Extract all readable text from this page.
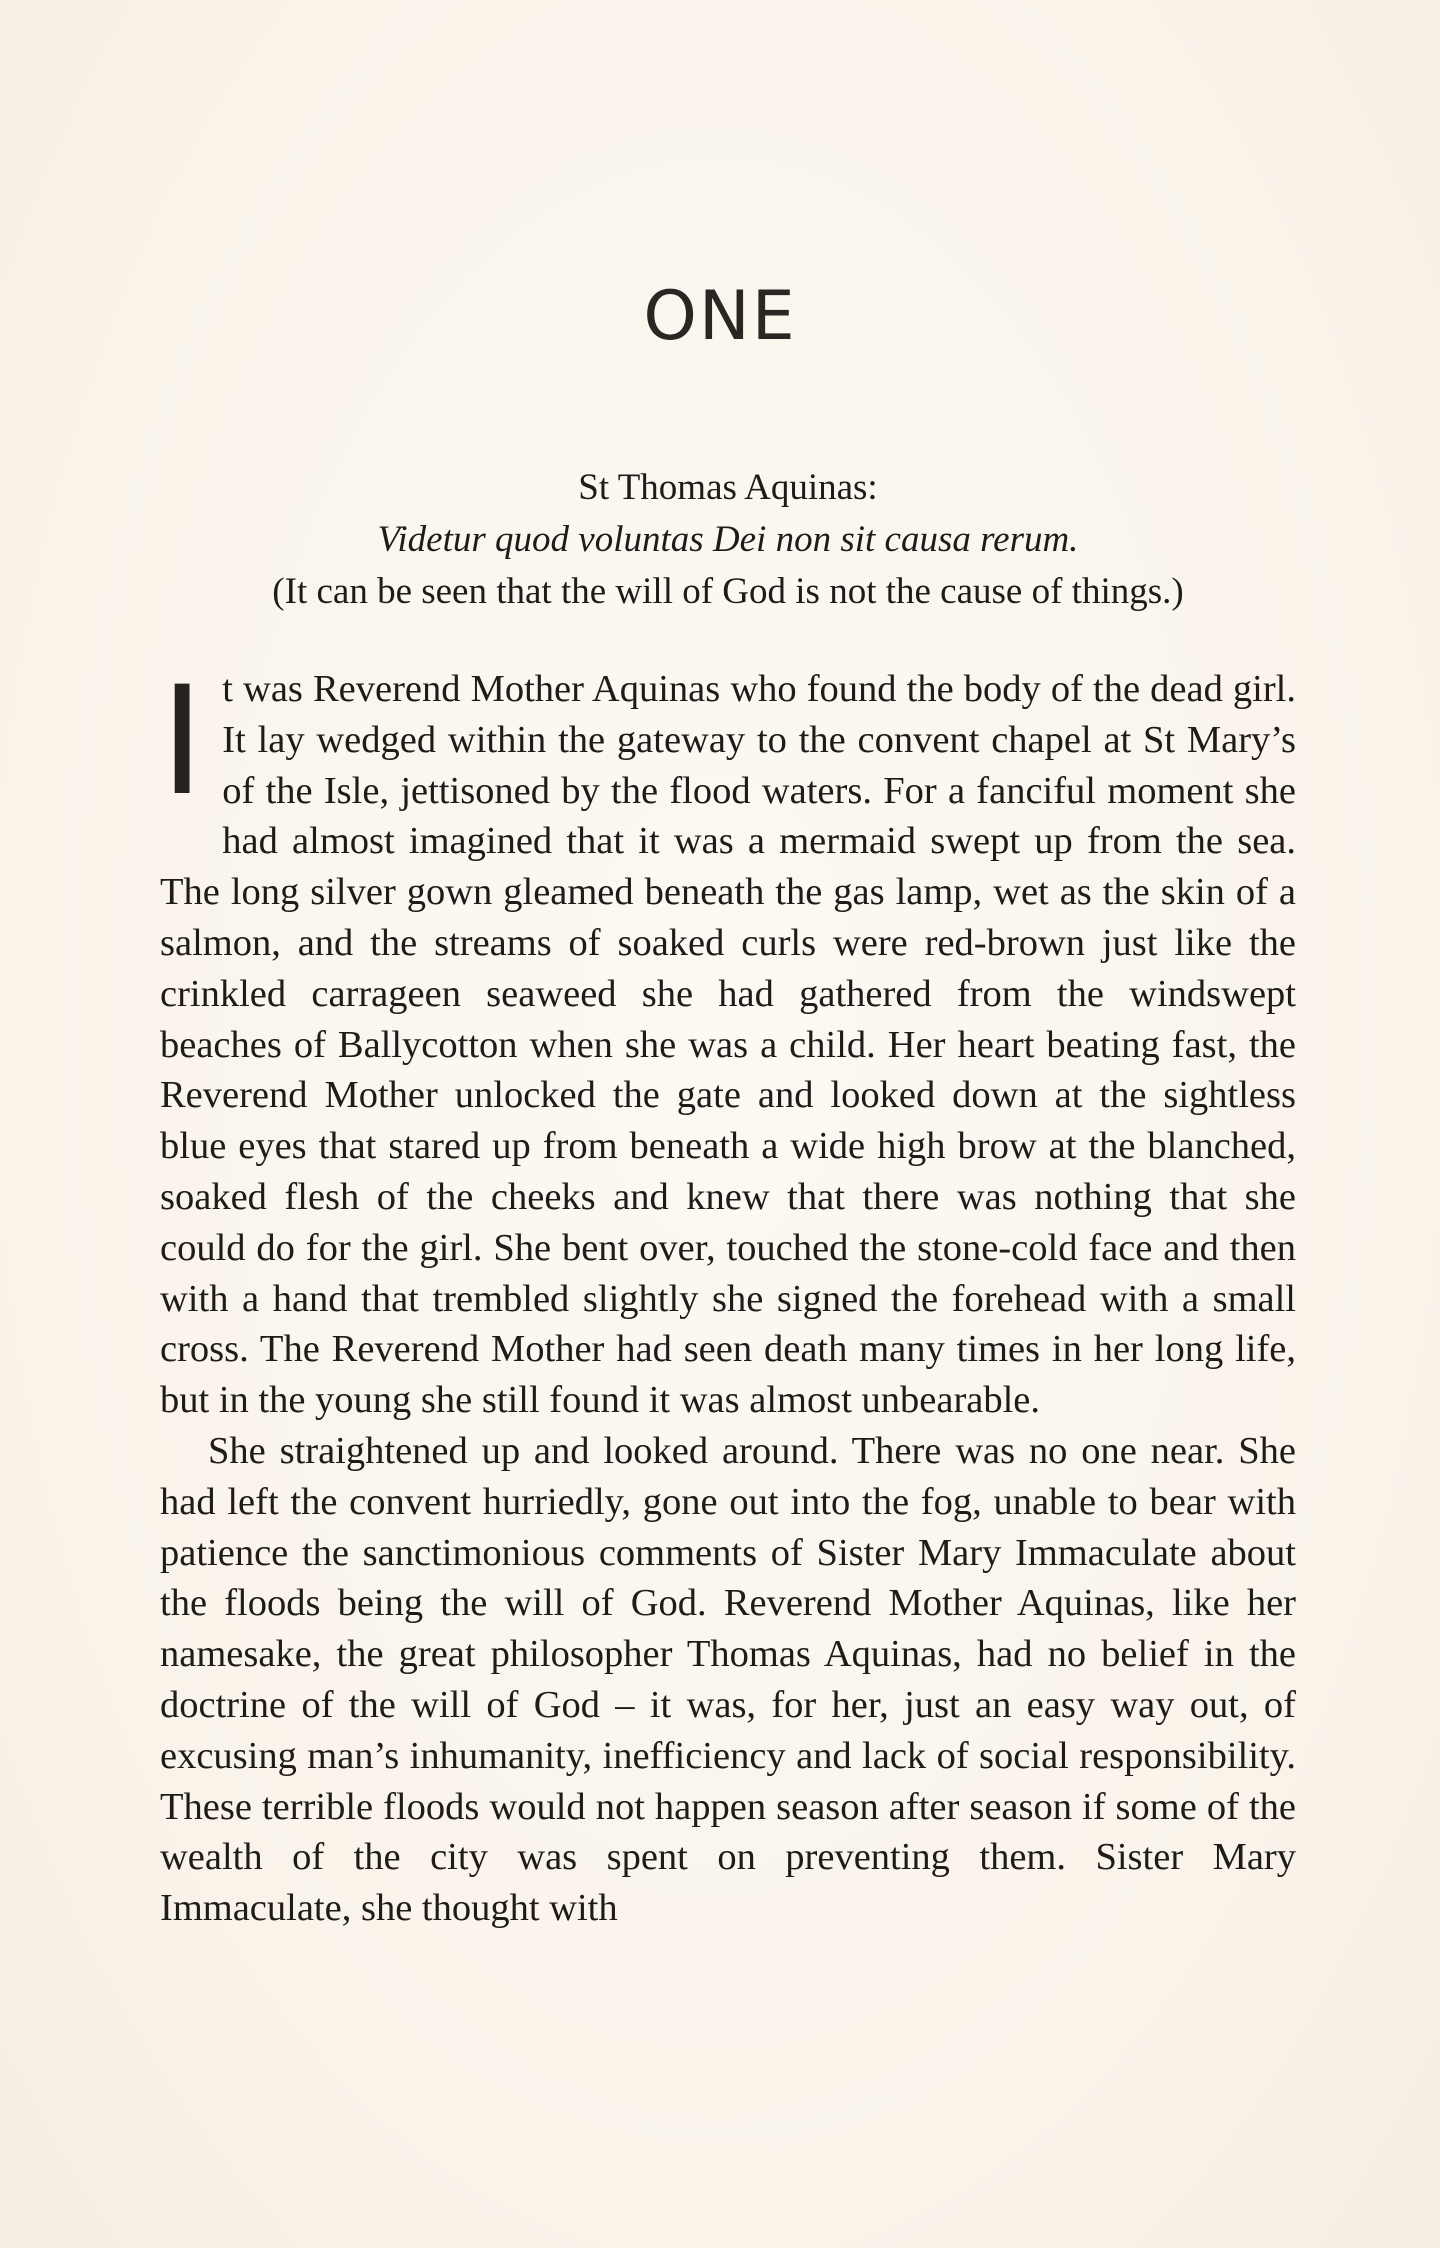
ONE
St Thomas Aquinas:
Videtur quod voluntas Dei non sit causa rerum.
(It can be seen that the will of God is not the cause of things.)

It was Reverend Mother Aquinas who found the body of the dead girl. It lay wedged within the gateway to the convent chapel at St Mary’s of the Isle, jettisoned by the flood waters. For a fanciful moment she had almost imagined that it was a mermaid swept up from the sea. The long silver gown gleamed beneath the gas lamp, wet as the skin of a salmon, and the streams of soaked curls were red-brown just like the crinkled carrageen seaweed she had gathered from the windswept beaches of Ballycotton when she was a child. Her heart beating fast, the Reverend Mother unlocked the gate and looked down at the sightless blue eyes that stared up from beneath a wide high brow at the blanched, soaked flesh of the cheeks and knew that there was nothing that she could do for the girl. She bent over, touched the stone-cold face and then with a hand that trembled slightly she signed the forehead with a small cross. The Reverend Mother had seen death many times in her long life, but in the young she still found it was almost unbearable.

She straightened up and looked around. There was no one near. She had left the convent hurriedly, gone out into the fog, unable to bear with patience the sanctimonious comments of Sister Mary Immaculate about the floods being the will of God. Reverend Mother Aquinas, like her namesake, the great philosopher Thomas Aquinas, had no belief in the doctrine of the will of God – it was, for her, just an easy way out, of excusing man’s inhumanity, inefficiency and lack of social responsibility. These terrible floods would not happen season after season if some of the wealth of the city was spent on preventing them. Sister Mary Immaculate, she thought with
